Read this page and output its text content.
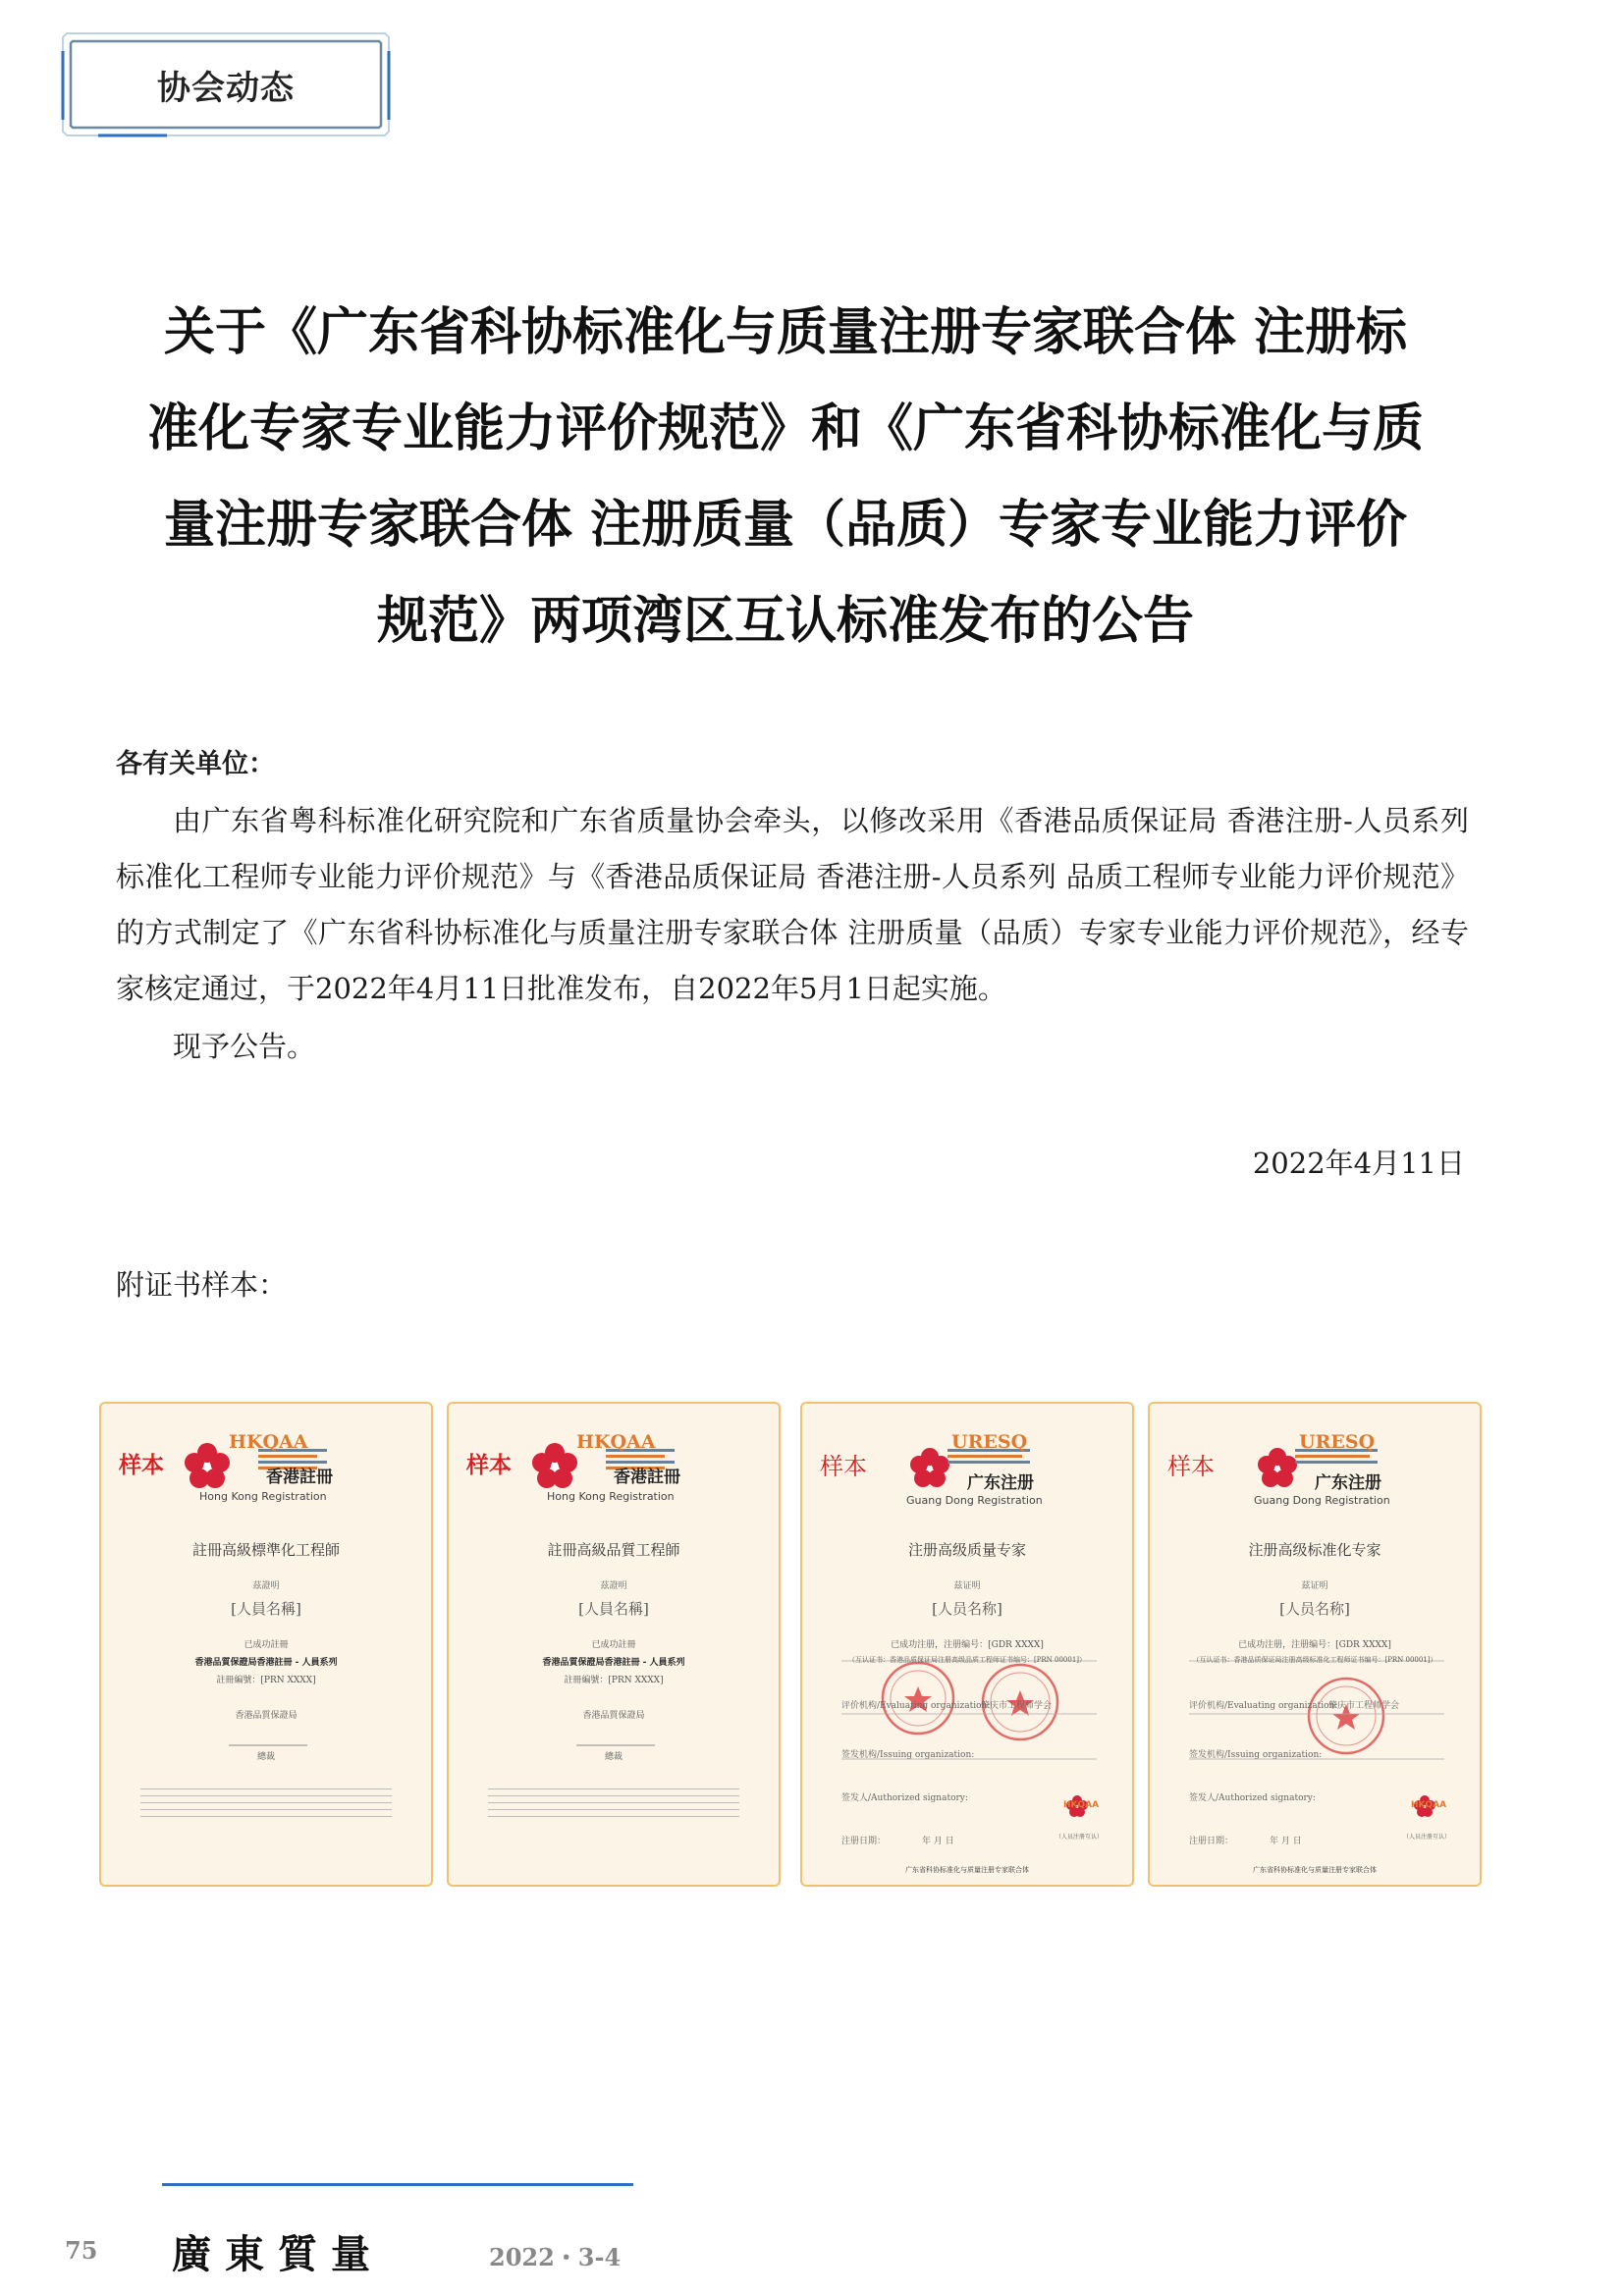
协会动态
关于《广东省科协标准化与质量注册专家联合体 注册标
准化专家专业能力评价规范》和《广东省科协标准化与质
量注册专家联合体 注册质量（品质）专家专业能力评价
规范》两项湾区互认标准发布的公告
各有关单位：
由广东省粤科标准化研究院和广东省质量协会牵头，以修改采用《香港品质保证局 香港注册-人员系列 标准化工程师专业能力评价规范》与《香港品质保证局 香港注册-人员系列 品质工程师专业能力评价规范》的方式制定了《广东省科协标准化与质量注册专家联合体 注册质量（品质）专家专业能力评价规范》，经专家核定通过，于2022年4月11日批准发布，自2022年5月1日起实施。
现予公告。
2022年4月11日
附证书样本：
样本
HKQAA
香港註冊
Hong Kong Registration
註冊高級標準化工程師
茲證明
[人員名稱]
已成功註冊
香港品質保證局香港註冊 - 人員系列
註冊編號：[PRN XXXX]
香港品質保證局
總裁
样本
HKQAA
香港註冊
Hong Kong Registration
註冊高級品質工程師
茲證明
[人員名稱]
已成功註冊
香港品質保證局香港註冊 - 人員系列
註冊編號：[PRN XXXX]
香港品質保證局
總裁
样本
URESQ
广东注册
Guang Dong Registration
注册高级质量专家
兹证明
[人员名称]
已成功注册，注册编号：[GDR XXXX]
（互认证书：香港品质保证局注册高级品质工程师证书编号：[PRN 00001]）
评价机构/Evaluating organization:
肇庆市工程师学会
签发机构/Issuing organization:
签发人/Authorized signatory:
注册日期：	年 月 日
HKQAA
（人员注册互认）
广东省科协标准化与质量注册专家联合体
样本
URESQ
广东注册
Guang Dong Registration
注册高级标准化专家
兹证明
[人员名称]
已成功注册，注册编号：[GDR XXXX]
（互认证书：香港品质保证局注册高级标准化工程师证书编号：[PRN 00001]）
评价机构/Evaluating organization:
肇庆市工程师学会
签发机构/Issuing organization:
签发人/Authorized signatory:
注册日期：	年 月 日
HKQAA
（人员注册互认）
广东省科协标准化与质量注册专家联合体
75 廣東質量	2022・3-4
